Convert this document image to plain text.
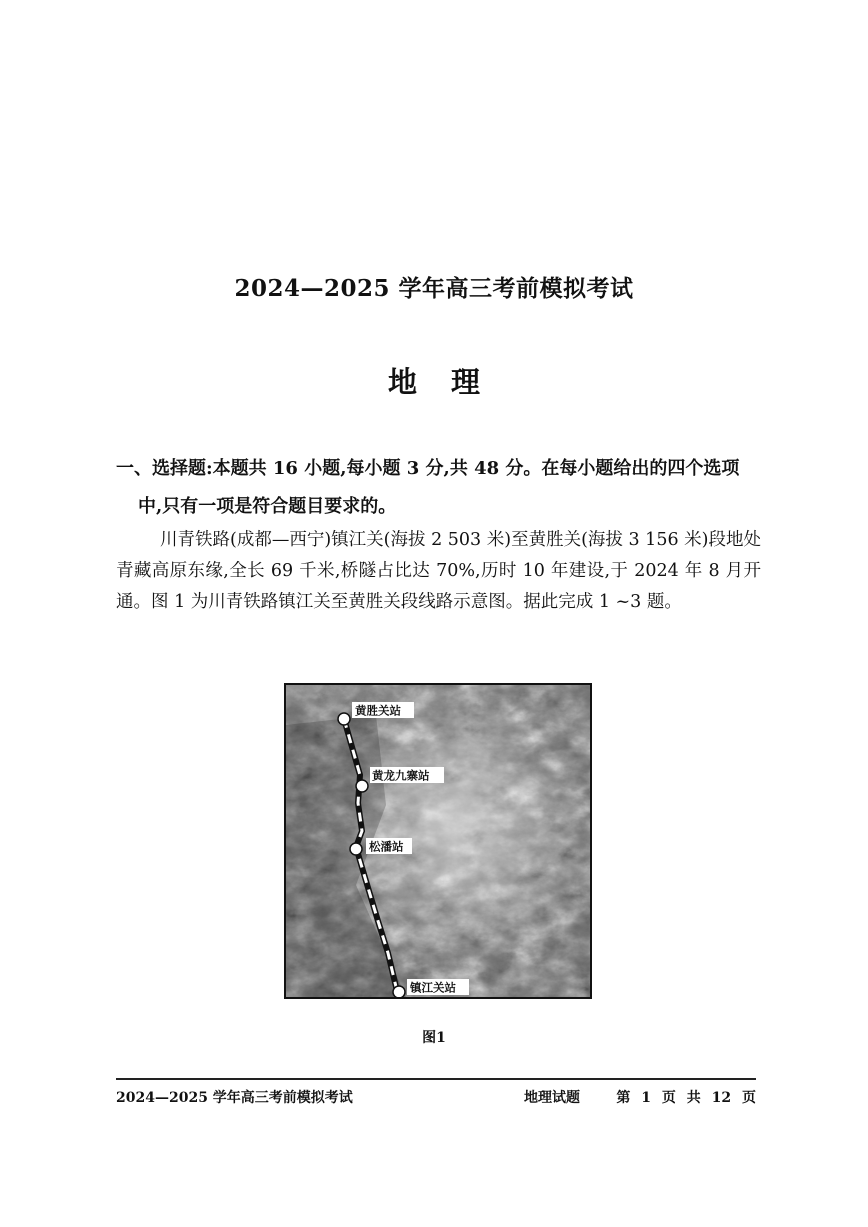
2024—2025 学年高三考前模拟考试
地理
一、选择题:本题共 16 小题,每小题 3 分,共 48 分。在每小题给出的四个选项
中,只有一项是符合题目要求的。
川青铁路(成都—西宁)镇江关(海拔 2 503 米)至黄胜关(海拔 3 156 米)段地处青藏高原东缘,全长 69 千米,桥隧占比达 70%,历时 10 年建设,于 2024 年 8 月开通。图 1 为川青铁路镇江关至黄胜关段线路示意图。据此完成 1 ~3 题。
黄胜关站
黄龙九寨站
松潘站
镇江关站
图1
2024—2025 学年高三考前模拟考试	地理试题	第 1 页 共 12 页
